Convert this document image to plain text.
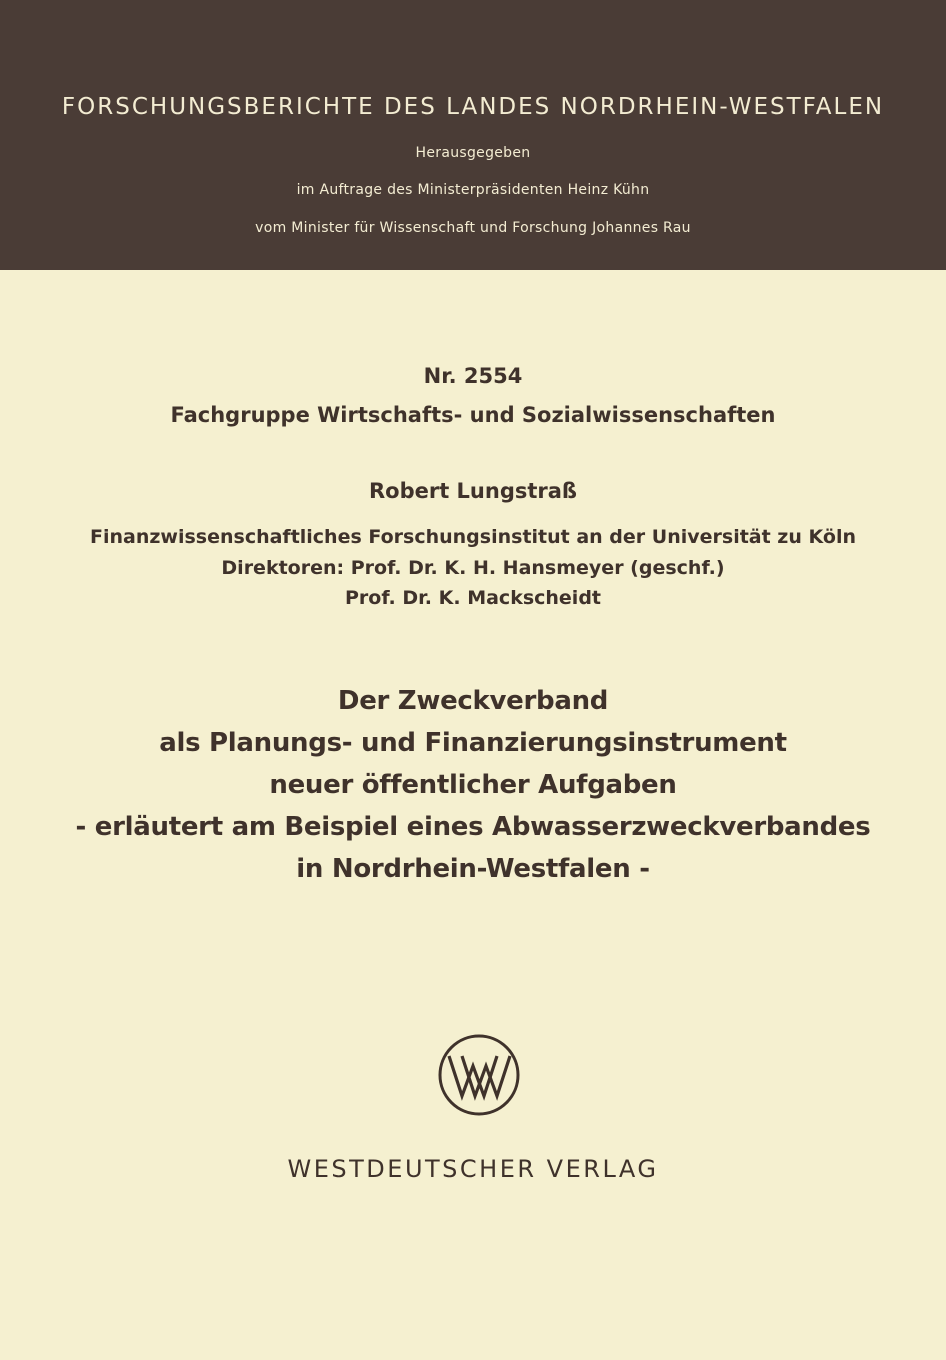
FORSCHUNGSBERICHTE DES LANDES NORDRHEIN-WESTFALEN
Herausgegeben
im Auftrage des Ministerpräsidenten Heinz Kühn
vom Minister für Wissenschaft und Forschung Johannes Rau
Nr. 2554
Fachgruppe Wirtschafts- und Sozialwissenschaften
Robert Lungstraß
Finanzwissenschaftliches Forschungsinstitut an der Universität zu Köln
Direktoren: Prof. Dr. K. H. Hansmeyer (geschf.)
Prof. Dr. K. Mackscheidt
Der Zweckverband
als Planungs- und Finanzierungsinstrument
neuer öffentlicher Aufgaben
- erläutert am Beispiel eines Abwasserzweckverbandes
in Nordrhein-Westfalen -
WESTDEUTSCHER VERLAG
